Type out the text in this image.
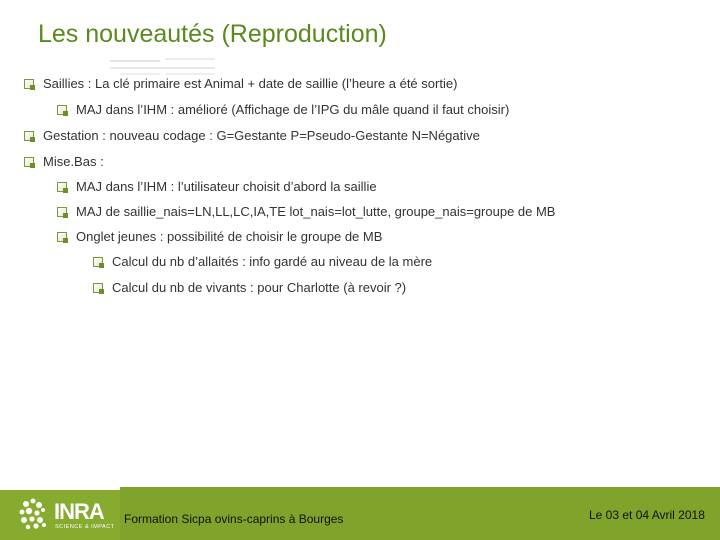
Les nouveautés (Reproduction)
Saillies : La clé primaire est Animal + date de saillie (l’heure a été sortie)
MAJ dans l’IHM : amélioré (Affichage de l’IPG du mâle quand il faut choisir)
Gestation : nouveau codage : G=Gestante P=Pseudo-Gestante N=Négative
Mise.Bas :
MAJ dans l’IHM : l’utilisateur choisit d’abord la saillie
MAJ de saillie_nais=LN,LL,LC,IA,TE lot_nais=lot_lutte, groupe_nais=groupe de MB
Onglet jeunes : possibilité de choisir le groupe de MB
Calcul du nb d’allaités : info gardé au niveau de la mère
Calcul du nb de vivants : pour Charlotte (à revoir ?)
INRA
SCIENCE & IMPACT
Formation Sicpa ovins-caprins à Bourges	Le 03 et 04 Avril 2018
